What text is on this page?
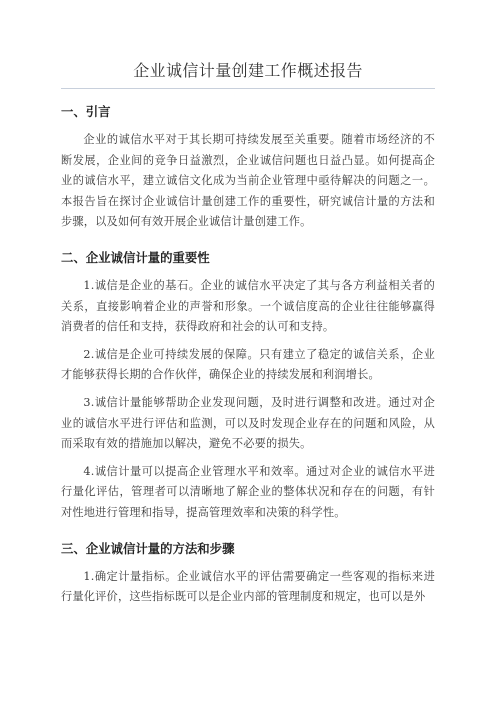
企业诚信计量创建工作概述报告
一、引言

企业的诚信水平对于其长期可持续发展至关重要。随着市场经济的不断发展，企业间的竞争日益激烈，企业诚信问题也日益凸显。如何提高企业的诚信水平，建立诚信文化成为当前企业管理中亟待解决的问题之一。本报告旨在探讨企业诚信计量创建工作的重要性，研究诚信计量的方法和步骤，以及如何有效开展企业诚信计量创建工作。

二、企业诚信计量的重要性

1.诚信是企业的基石。企业的诚信水平决定了其与各方利益相关者的关系，直接影响着企业的声誉和形象。一个诚信度高的企业往往能够赢得消费者的信任和支持，获得政府和社会的认可和支持。

2.诚信是企业可持续发展的保障。只有建立了稳定的诚信关系，企业才能够获得长期的合作伙伴，确保企业的持续发展和利润增长。

3.诚信计量能够帮助企业发现问题，及时进行调整和改进。通过对企业的诚信水平进行评估和监测，可以及时发现企业存在的问题和风险，从而采取有效的措施加以解决，避免不必要的损失。

4.诚信计量可以提高企业管理水平和效率。通过对企业的诚信水平进行量化评估，管理者可以清晰地了解企业的整体状况和存在的问题，有针对性地进行管理和指导，提高管理效率和决策的科学性。

三、企业诚信计量的方法和步骤

1.确定计量指标。企业诚信水平的评估需要确定一些客观的指标来进行量化评价，这些指标既可以是企业内部的管理制度和规定，也可以是外
